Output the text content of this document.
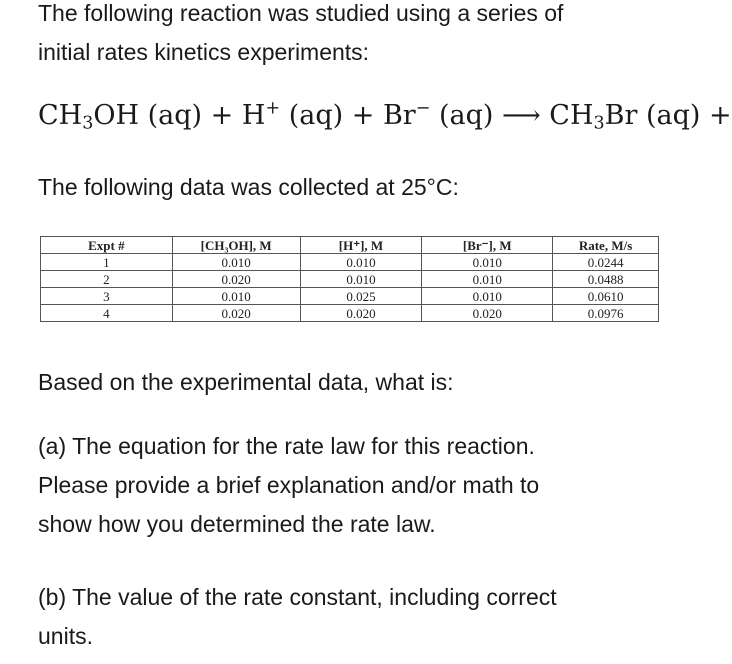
The following reaction was studied using a series of
initial rates kinetics experiments:

$CH_3OH$ (aq) + H+ (aq) + Br− (aq) ⟶ $CH_3Br$ (aq) +

The following data was collected at 25°C:

Expt #	[CH₃OH], M	[H⁺], M	[Br⁻], M	Rate, M/s
1	0.010	0.010	0.010	0.0244
2	0.020	0.010	0.010	0.0488
3	0.010	0.025	0.010	0.0610
4	0.020	0.020	0.020	0.0976

Based on the experimental data, what is:

(a) The equation for the rate law for this reaction.
Please provide a brief explanation and/or math to
show how you determined the rate law.

(b) The value of the rate constant, including correct
units.
